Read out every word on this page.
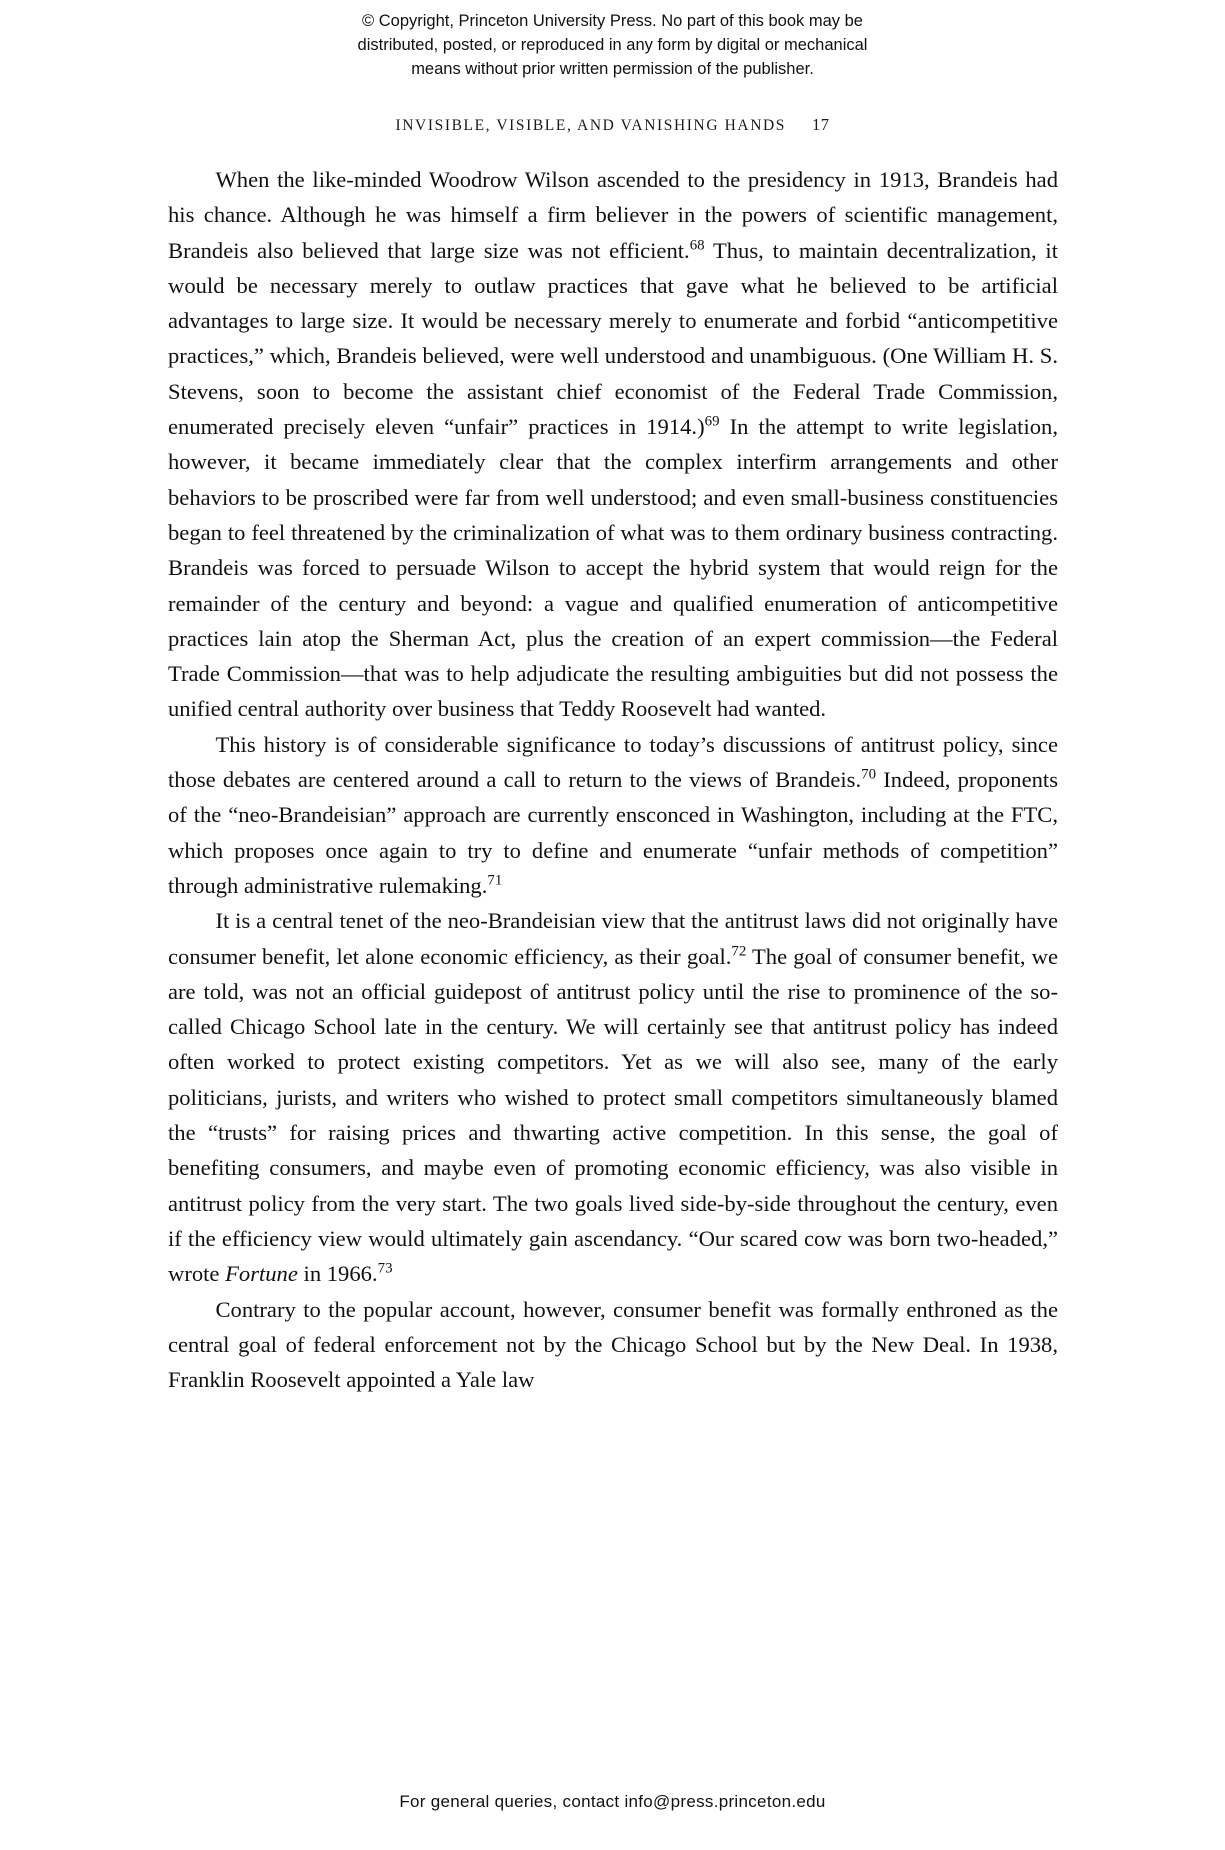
© Copyright, Princeton University Press. No part of this book may be
distributed, posted, or reproduced in any form by digital or mechanical
means without prior written permission of the publisher.
INVISIBLE, VISIBLE, AND VANISHING HANDS 17

When the like-minded Woodrow Wilson ascended to the presidency in 1913, Brandeis had his chance. Although he was himself a firm believer in the powers of scientific management, Brandeis also believed that large size was not efficient.$^{68}$ Thus, to maintain decentralization, it would be necessary merely to outlaw practices that gave what he believed to be artificial advantages to large size. It would be necessary merely to enumerate and forbid “anticompetitive practices,” which, Brandeis believed, were well understood and unambiguous. (One William H. S. Stevens, soon to become the assistant chief economist of the Federal Trade Commission, enumerated precisely eleven “unfair” practices in 1914.)$^{69}$ In the attempt to write legislation, however, it became immediately clear that the complex interfirm arrangements and other behaviors to be proscribed were far from well understood; and even small-business constituencies began to feel threatened by the criminalization of what was to them ordinary business contracting. Brandeis was forced to persuade Wilson to accept the hybrid system that would reign for the remainder of the century and beyond: a vague and qualified enumeration of anticompetitive practices lain atop the Sherman Act, plus the creation of an expert commission—the Federal Trade Commission—that was to help adjudicate the resulting ambiguities but did not possess the unified central authority over business that Teddy Roosevelt had wanted.

This history is of considerable significance to today’s discussions of antitrust policy, since those debates are centered around a call to return to the views of Brandeis.$^{70}$ Indeed, proponents of the “neo-Brandeisian” approach are currently ensconced in Washington, including at the FTC, which proposes once again to try to define and enumerate “unfair methods of competition” through administrative rulemaking.$^{71}$

It is a central tenet of the neo-Brandeisian view that the antitrust laws did not originally have consumer benefit, let alone economic efficiency, as their goal.$^{72}$ The goal of consumer benefit, we are told, was not an official guidepost of antitrust policy until the rise to prominence of the so-called Chicago School late in the century. We will certainly see that antitrust policy has indeed often worked to protect existing competitors. Yet as we will also see, many of the early politicians, jurists, and writers who wished to protect small competitors simultaneously blamed the “trusts” for raising prices and thwarting active competition. In this sense, the goal of benefiting consumers, and maybe even of promoting economic efficiency, was also visible in antitrust policy from the very start. The two goals lived side-by-side throughout the century, even if the efficiency view would ultimately gain ascendancy. “Our scared cow was born two-headed,” wrote Fortune in 1966.73

Contrary to the popular account, however, consumer benefit was formally enthroned as the central goal of federal enforcement not by the Chicago School but by the New Deal. In 1938, Franklin Roosevelt appointed a Yale law

For general queries, contact info@press.princeton.edu
